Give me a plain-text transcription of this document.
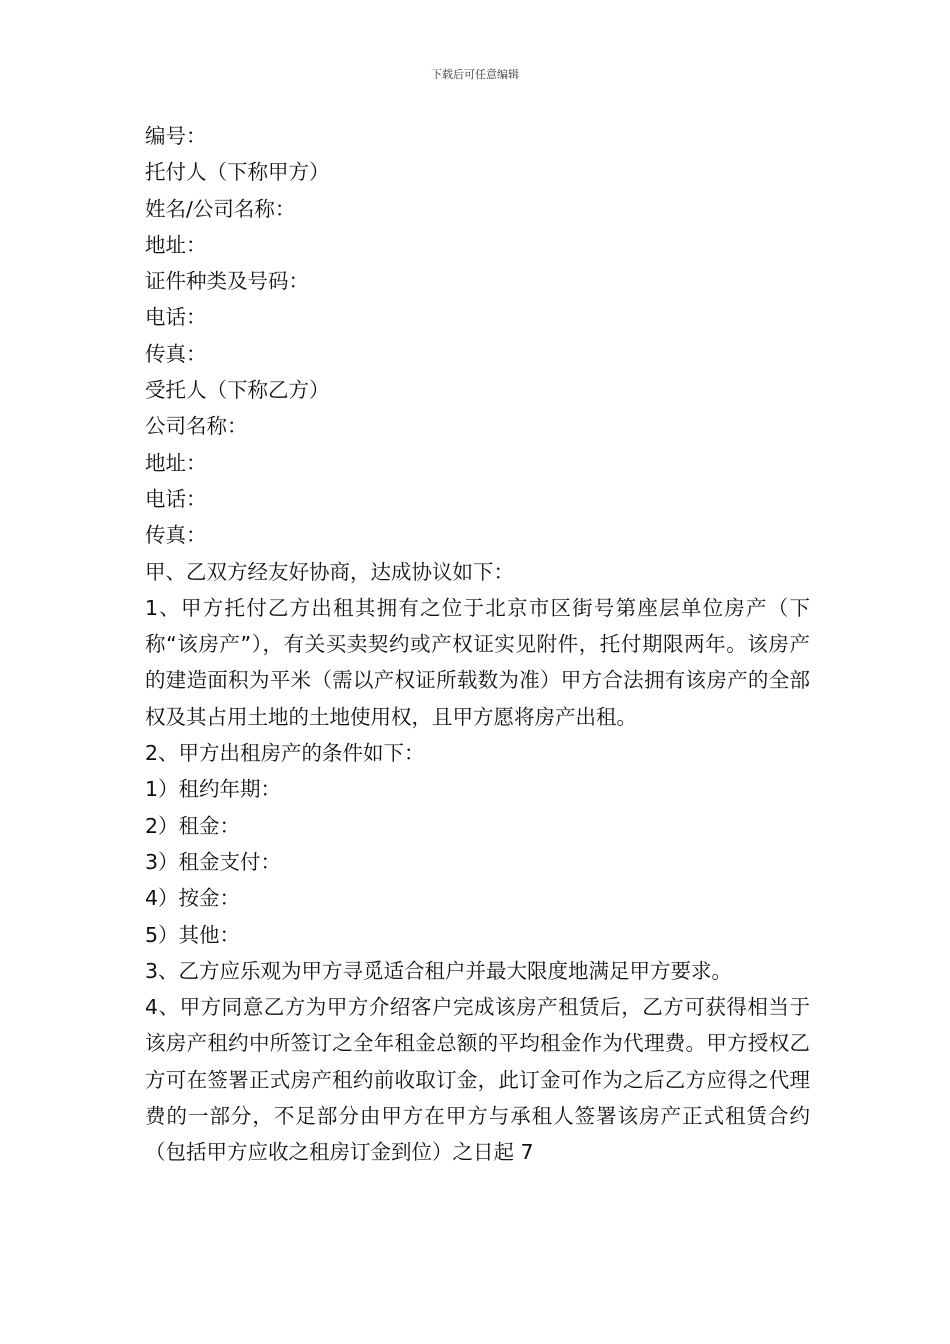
下载后可任意编辑
编号：
托付人（下称甲方）
姓名/公司名称：
地址：
证件种类及号码：
电话：
传真：
受托人（下称乙方）
公司名称：
地址：
电话：
传真：
甲、乙双方经友好协商，达成协议如下：
1、甲方托付乙方出租其拥有之位于北京市区街号第座层单位房产（下称“该房产”），有关买卖契约或产权证实见附件，托付期限两年。该房产的建造面积为平米（需以产权证所载数为准）甲方合法拥有该房产的全部权及其占用土地的土地使用权，且甲方愿将房产出租。
2、甲方出租房产的条件如下：
1）租约年期：
2）租金：
3）租金支付：
4）按金：
5）其他：
3、乙方应乐观为甲方寻觅适合租户并最大限度地满足甲方要求。
4、甲方同意乙方为甲方介绍客户完成该房产租赁后，乙方可获得相当于该房产租约中所签订之全年租金总额的平均租金作为代理费。甲方授权乙方可在签署正式房产租约前收取订金，此订金可作为之后乙方应得之代理费的一部分，不足部分由甲方在甲方与承租人签署该房产正式租赁合约（包括甲方应收之租房订金到位）之日起 7
